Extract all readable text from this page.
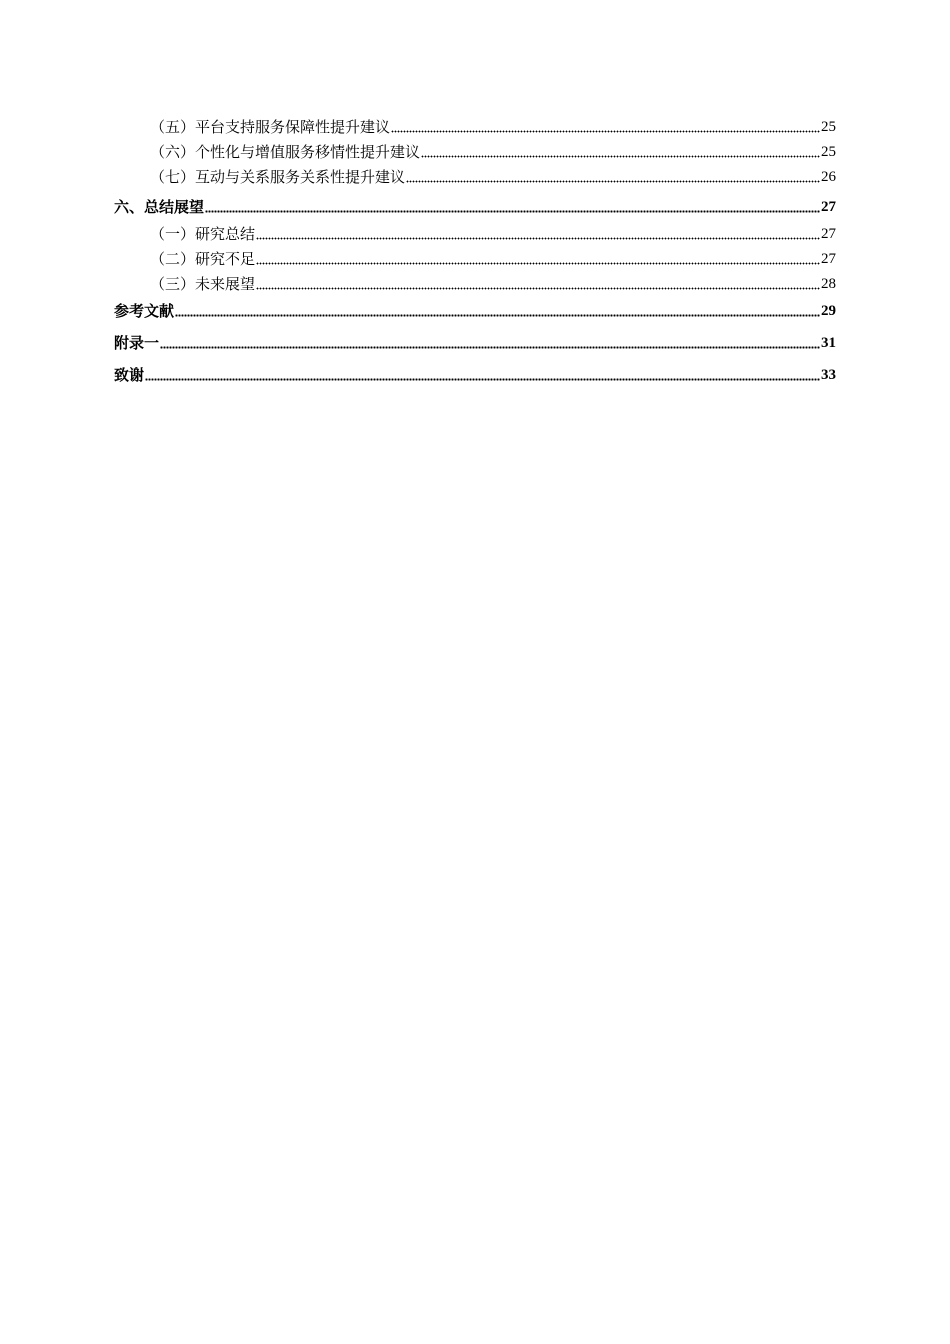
（五）平台支持服务保障性提升建议	25
（六）个性化与增值服务移情性提升建议	25
（七）互动与关系服务关系性提升建议	26
六、总结展望	27
（一）研究总结	27
（二）研究不足	27
（三）未来展望	28
参考文献	29
附录一	31
致谢	33
